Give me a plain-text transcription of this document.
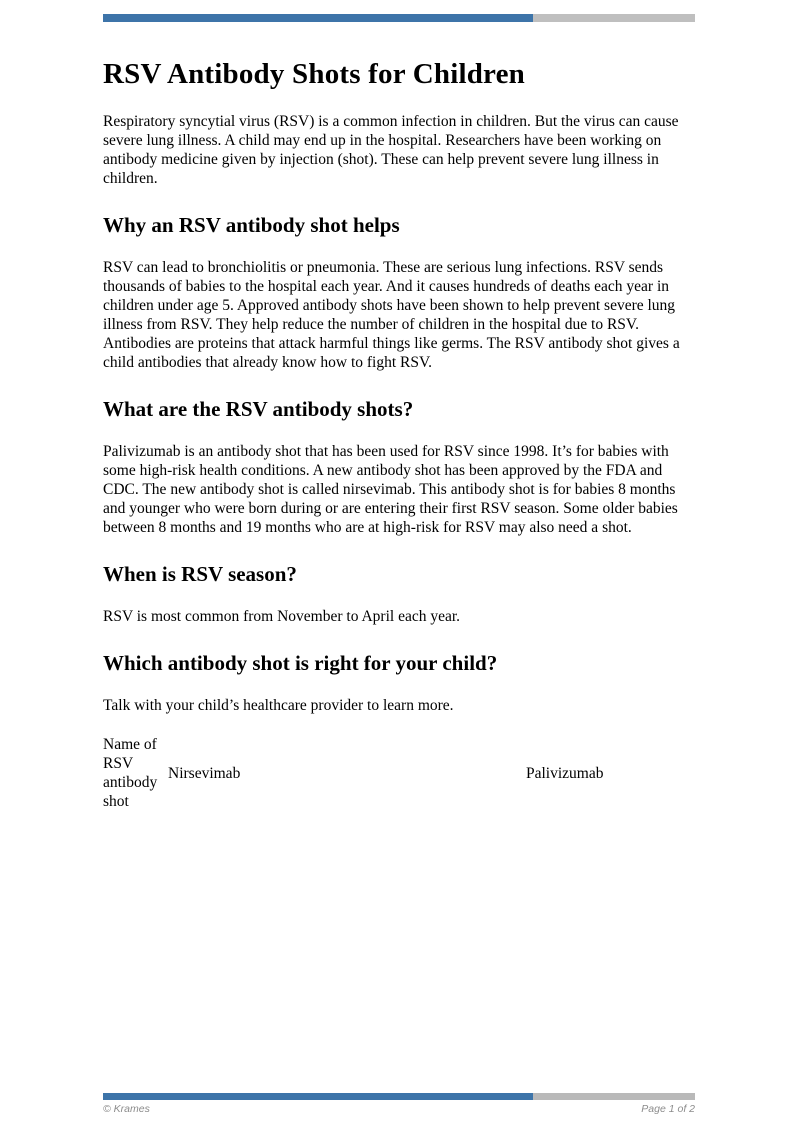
RSV Antibody Shots for Children

Respiratory syncytial virus (RSV) is a common infection in children. But the virus can cause severe lung illness. A child may end up in the hospital. Researchers have been working on antibody medicine given by injection (shot). These can help prevent severe lung illness in children.

Why an RSV antibody shot helps

RSV can lead to bronchiolitis or pneumonia. These are serious lung infections. RSV sends thousands of babies to the hospital each year. And it causes hundreds of deaths each year in children under age 5. Approved antibody shots have been shown to help prevent severe lung illness from RSV. They help reduce the number of children in the hospital due to RSV. Antibodies are proteins that attack harmful things like germs. The RSV antibody shot gives a child antibodies that already know how to fight RSV.

What are the RSV antibody shots?

Palivizumab is an antibody shot that has been used for RSV since 1998. It’s for babies with some high-risk health conditions. A new antibody shot has been approved by the FDA and CDC. The new antibody shot is called nirsevimab. This antibody shot is for babies 8 months and younger who were born during or are entering their first RSV season. Some older babies between 8 months and 19 months who are at high-risk for RSV may also need a shot.

When is RSV season?

RSV is most common from November to April each year.

Which antibody shot is right for your child?

Talk with your child’s healthcare provider to learn more.

Name of RSV antibody shot	Nirsevimab	Palivizumab
© Krames	Page 1 of 2
